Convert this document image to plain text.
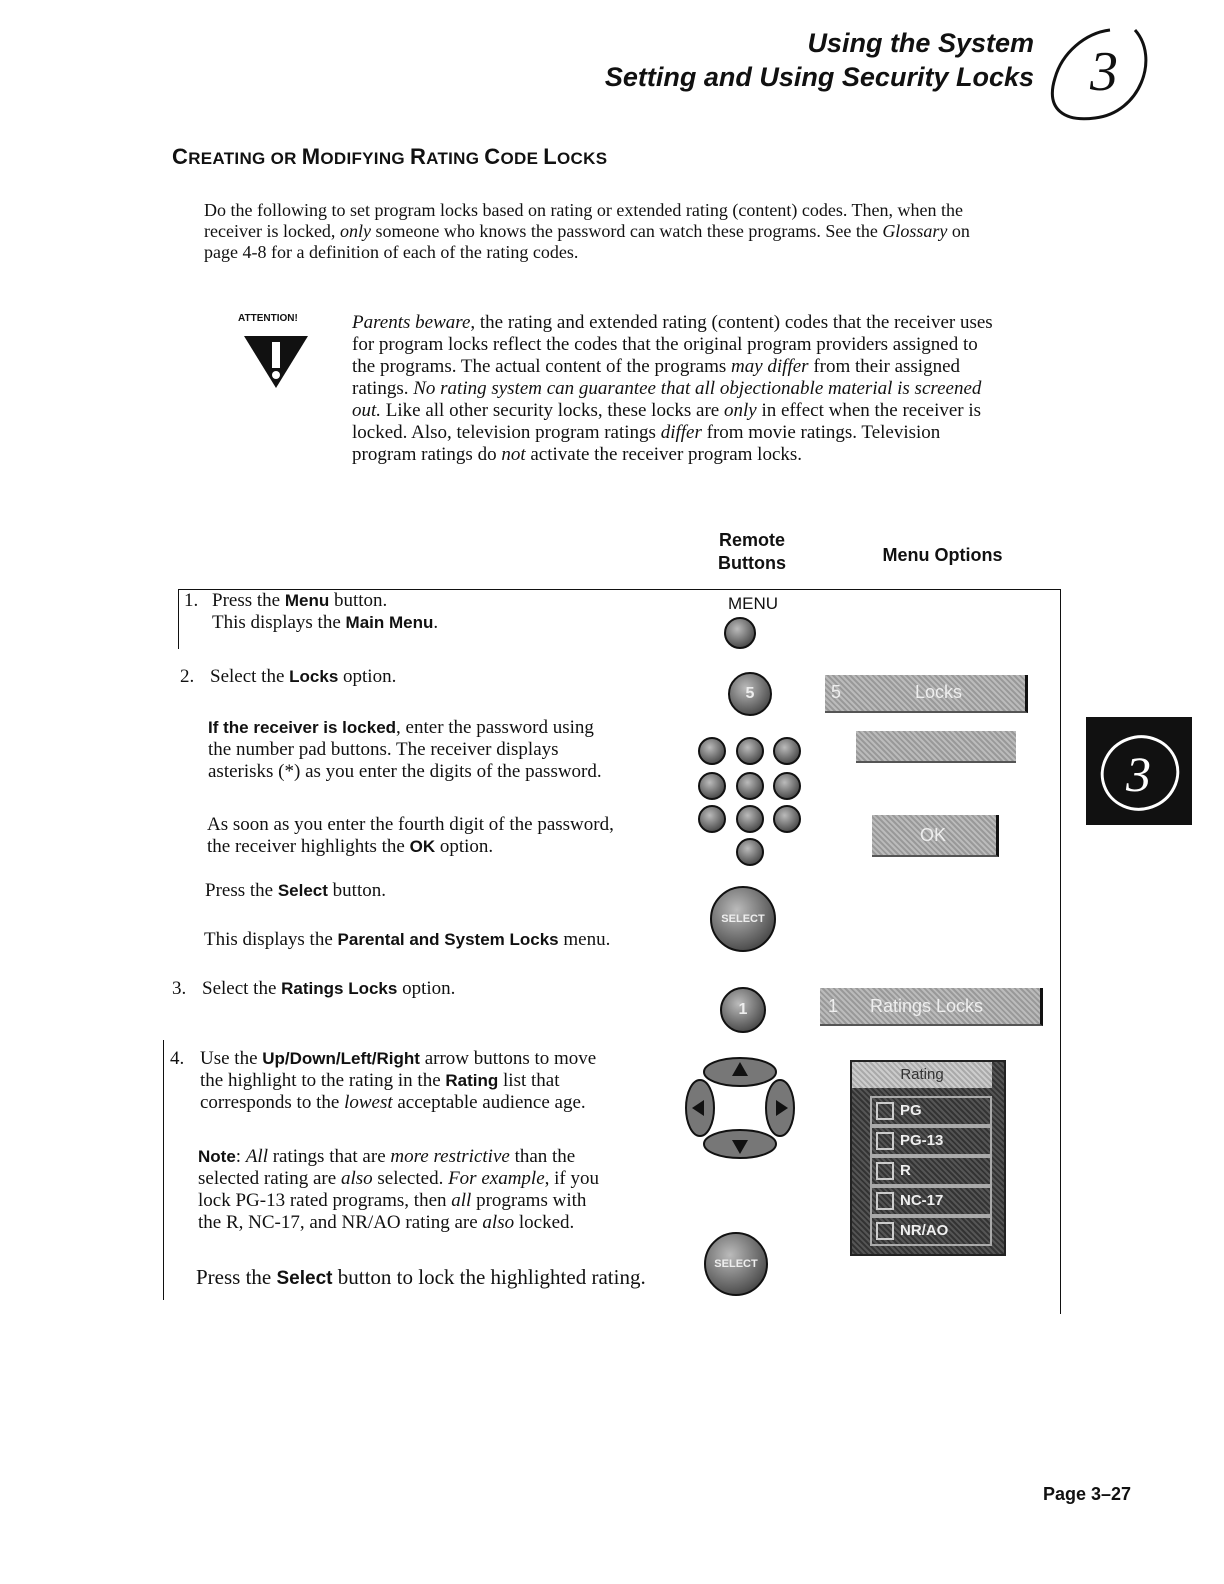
Using the System
Setting and Using Security Locks 3
CREATING OR MODIFYING RATING CODE LOCKS

Do the following to set program locks based on rating or extended rating (content) codes. Then, when the

receiver is locked, only someone who knows the password can watch these programs. See the Glossary on

page 4-8 for a definition of each of the rating codes.

ATTENTION!	Parents beware, the rating and extended rating (content) codes that the receiver uses

for program locks reflect the codes that the original program providers assigned to

the programs. The actual content of the programs may differ from their assigned

ratings. No rating system can guarantee that all objectionable material is screened

out. Like all other security locks, these locks are only in effect when the receiver is

locked. Also, television program ratings differ from movie ratings. Television

program ratings do not activate the receiver program locks.

Remote
Buttons	Menu Options
1. Press the Menu button.
This displays the Main Menu.
2. Select the Locks option.
If the receiver is locked, enter the password using
the number pad buttons. The receiver displays
asterisks (*) as you enter the digits of the password.
As soon as you enter the fourth digit of the password,
the receiver highlights the OK option.
Press the Select button.
This displays the Parental and System Locks menu.
3. Select the Ratings Locks option.
4. Use the Up/Down/Left/Right arrow buttons to move
the highlight to the rating in the Rating list that
corresponds to the lowest acceptable audience age.
Note: All ratings that are more restrictive than the
selected rating are also selected. For example, if you
lock PG-13 rated programs, then all programs with
the R, NC-17, and NR/AO rating are also locked.
Press the Select button to lock the highlighted rating.
MENU
5
SELECT
1
SELECT
5	Locks
OK
1 Ratings Locks
Rating
PG
PG-13
R
NC-17
NR/AO
3
Page 3–27
